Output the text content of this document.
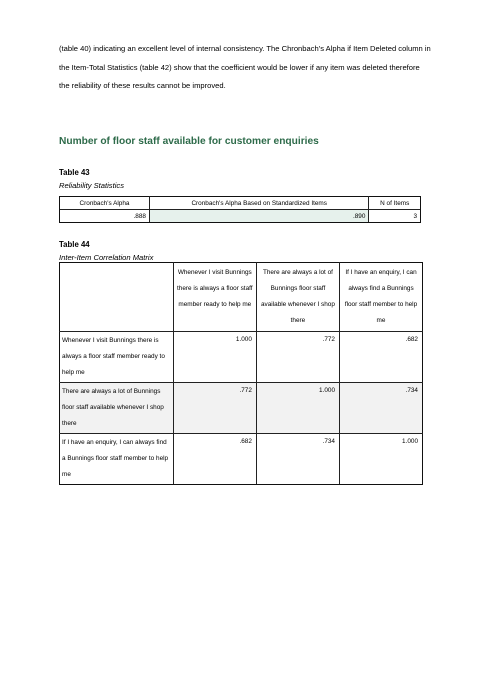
(table 40) indicating an excellent level of internal consistency. The Chronbach's Alpha if Item Deleted column in the Item-Total Statistics (table 42) show that the coefficient would be lower if any item was deleted therefore the reliability of these results cannot be improved.
Number of floor staff available for customer enquiries
Table 43
Reliability Statistics
Cronbach's Alpha	Cronbach's Alpha Based on Standardized Items	N of Items
.888	.890	3
Table 44
Inter-Item Correlation Matrix
	Whenever I visit Bunnings there is always a floor staff member ready to help me	There are always a lot of Bunnings floor staff available whenever I shop there	If I have an enquiry, I can always find a Bunnings floor staff member to help me
Whenever I visit Bunnings there is always a floor staff member ready to help me	1.000	.772	.682
There are always a lot of Bunnings floor staff available whenever I shop there	.772	1.000	.734
If I have an enquiry, I can always find a Bunnings floor staff member to help me	.682	.734	1.000
